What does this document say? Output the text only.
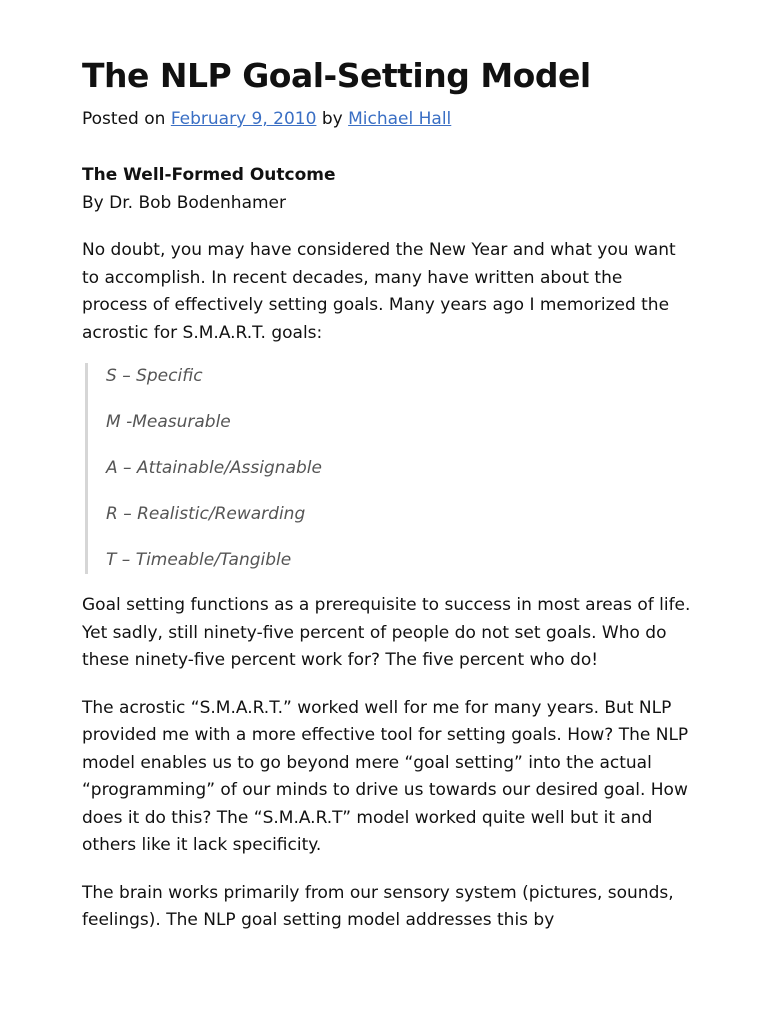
The NLP Goal-Setting Model
Posted on February 9, 2010 by Michael Hall
The Well-Formed Outcome
By Dr. Bob Bodenhamer

No doubt, you may have considered the New Year and what you want to accomplish. In recent decades, many have written about the process of effectively setting goals. Many years ago I memorized the acrostic for S.M.A.R.T. goals:

S – Specific
M -Measurable
A – Attainable/Assignable
R – Realistic/Rewarding
T – Timeable/Tangible

Goal setting functions as a prerequisite to success in most areas of life. Yet sadly, still ninety-five percent of people do not set goals. Who do these ninety-five percent work for? The five percent who do!

The acrostic “S.M.A.R.T.” worked well for me for many years. But NLP provided me with a more effective tool for setting goals. How? The NLP model enables us to go beyond mere “goal setting” into the actual “programming” of our minds to drive us towards our desired goal. How does it do this? The “S.M.A.R.T” model worked quite well but it and others like it lack specificity.

The brain works primarily from our sensory system (pictures, sounds, feelings). The NLP goal setting model addresses this by
